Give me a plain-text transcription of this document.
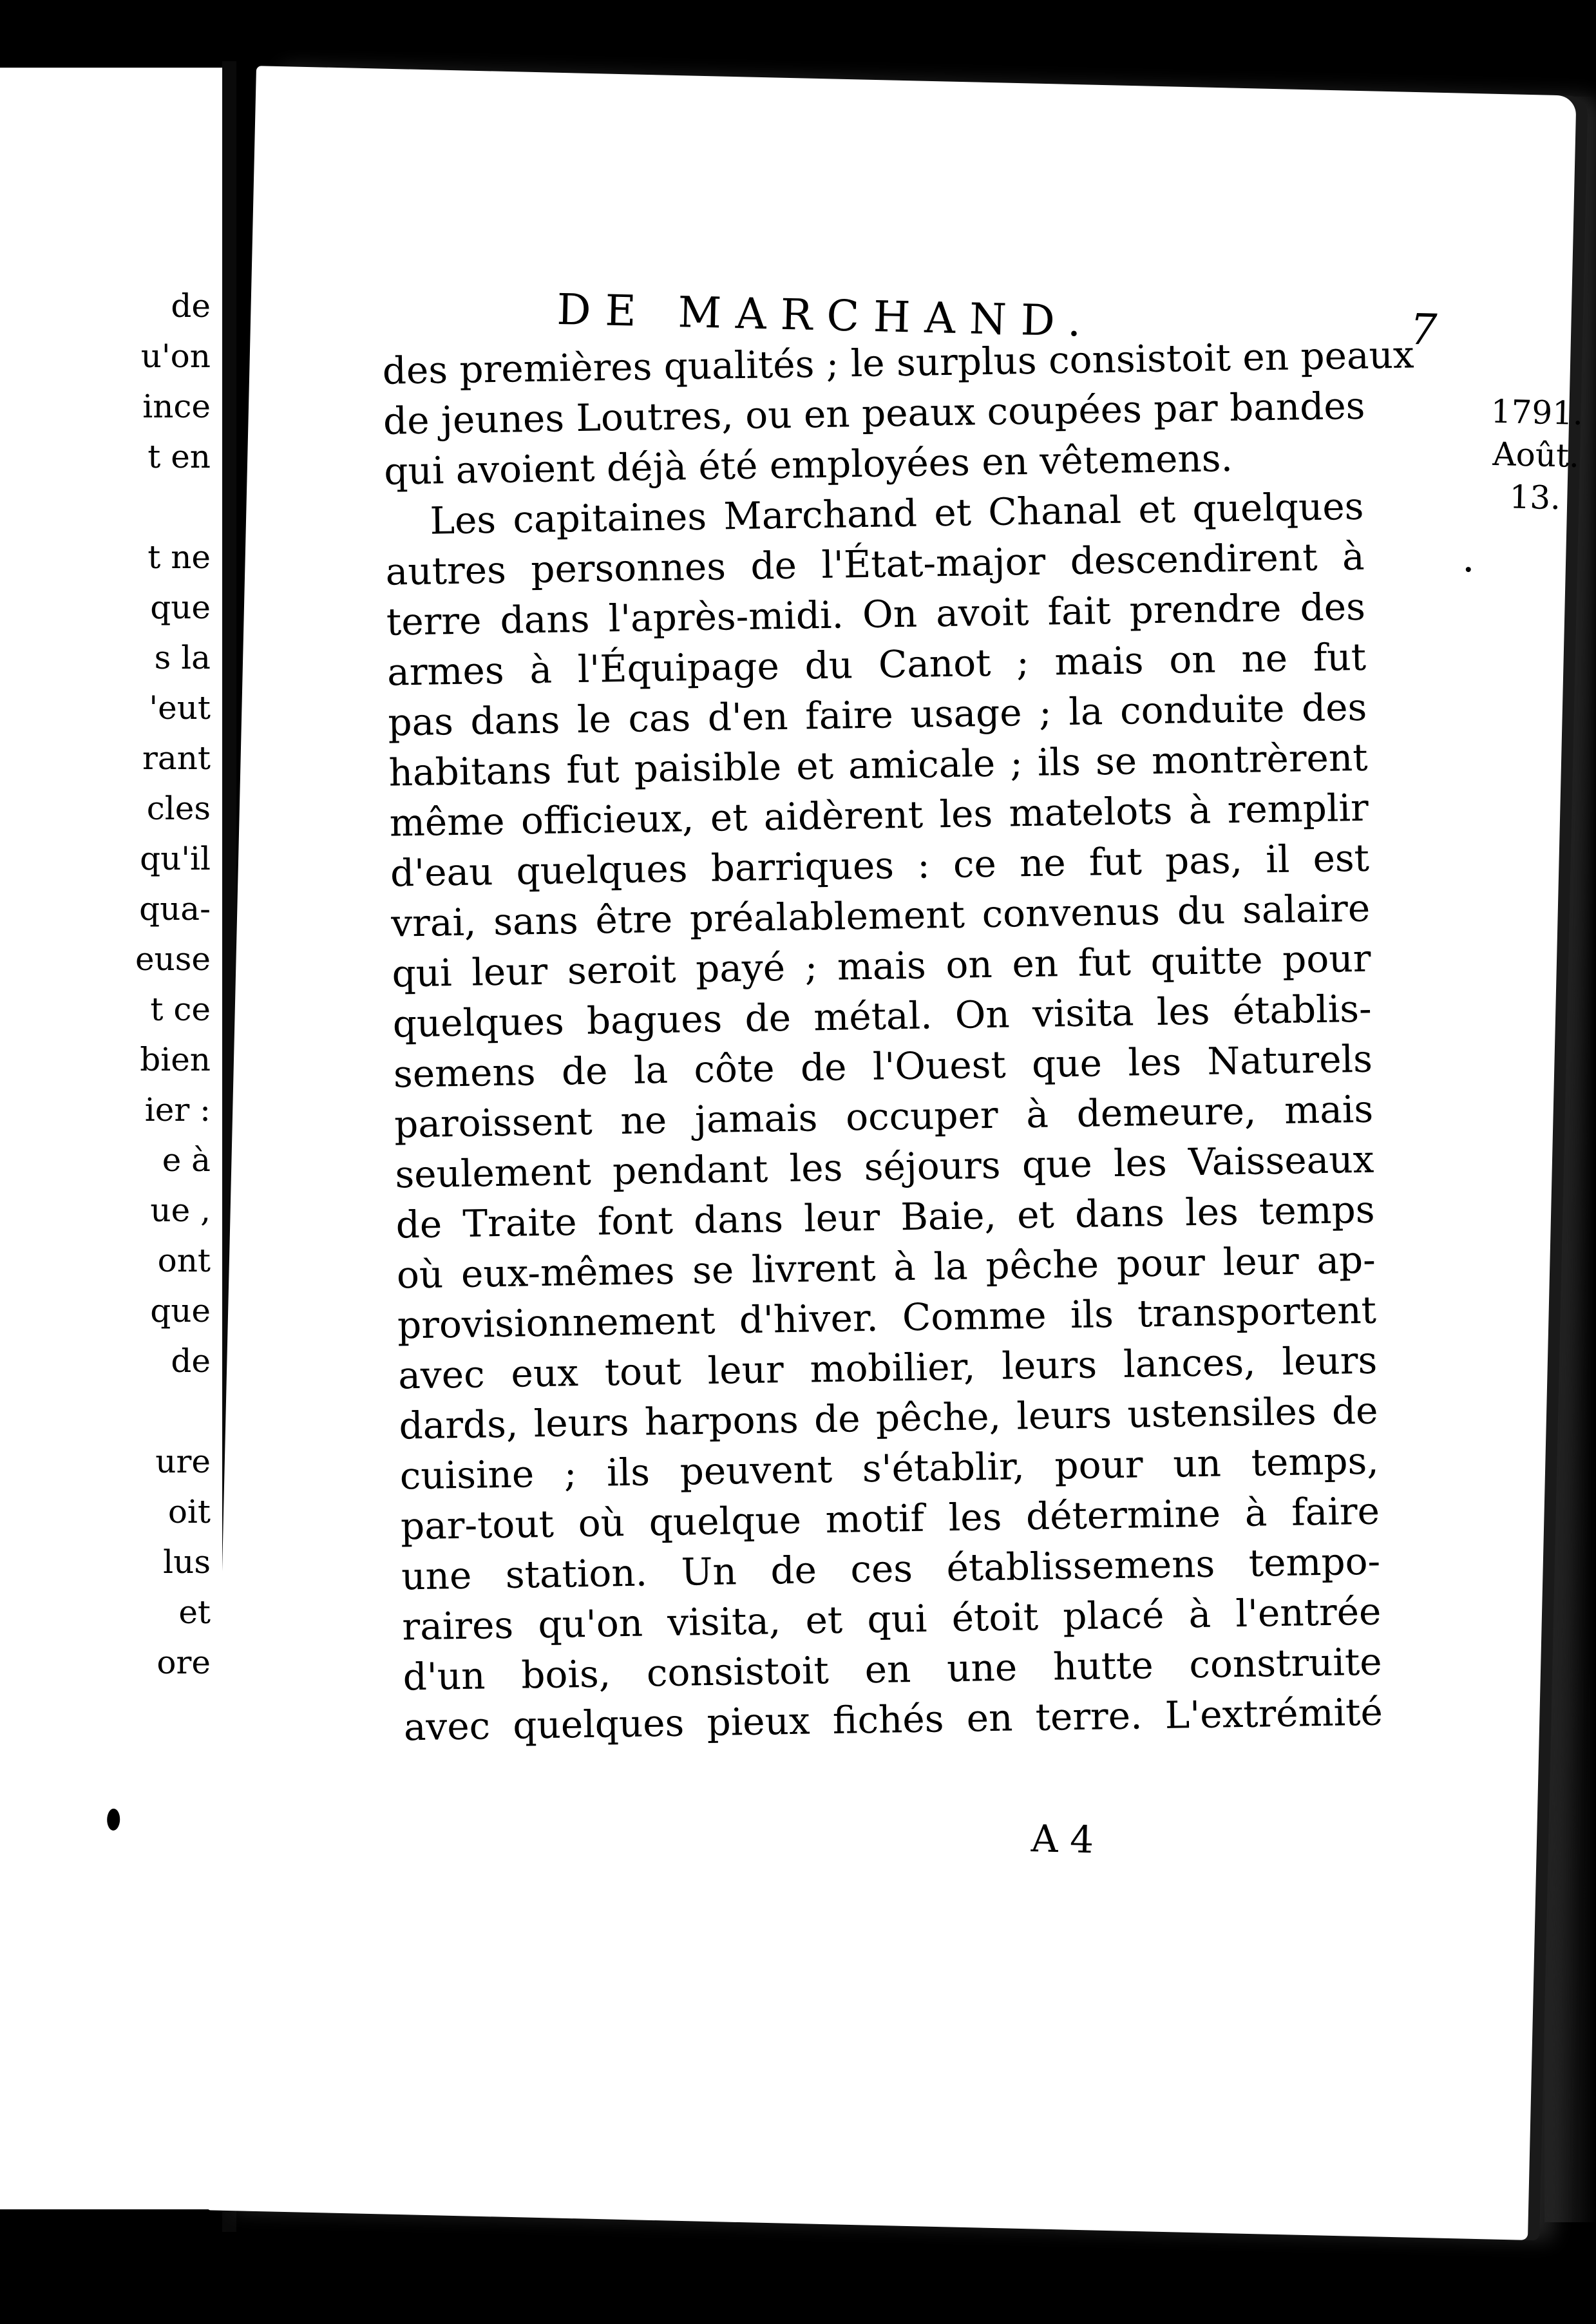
de
u'on
ince
t en
t ne
que
s la
'eut
rant
cles
qu'il
qua-
euse
t ce
bien
ier :
e à
ue ,
ont
que
de
ure
oit
lus
et
ore
DE MARCHAND.	7
1791.
Août.
13.
des premières qualités ; le surplus consistoit en peaux
de jeunes Loutres, ou en peaux coupées par bandes
qui avoient déjà été employées en vêtemens.
Les capitaines Marchand et Chanal et quelques
autres personnes de l'État-major descendirent à
terre dans l'après-midi. On avoit fait prendre des
armes à l'Équipage du Canot ; mais on ne fut
pas dans le cas d'en faire usage ; la conduite des
habitans fut paisible et amicale ; ils se montrèrent
même officieux, et aidèrent les matelots à remplir
d'eau quelques barriques : ce ne fut pas, il est
vrai, sans être préalablement convenus du salaire
qui leur seroit payé ; mais on en fut quitte pour
quelques bagues de métal. On visita les établis-
semens de la côte de l'Ouest que les Naturels
paroissent ne jamais occuper à demeure, mais
seulement pendant les séjours que les Vaisseaux
de Traite font dans leur Baie, et dans les temps
où eux-mêmes se livrent à la pêche pour leur ap-
provisionnement d'hiver. Comme ils transportent
avec eux tout leur mobilier, leurs lances, leurs
dards, leurs harpons de pêche, leurs ustensiles de
cuisine ; ils peuvent s'établir, pour un temps,
par-tout où quelque motif les détermine à faire
une station. Un de ces établissemens tempo-
raires qu'on visita, et qui étoit placé à l'entrée
d'un bois, consistoit en une hutte construite
avec quelques pieux fichés en terre. L'extrémité
A 4
